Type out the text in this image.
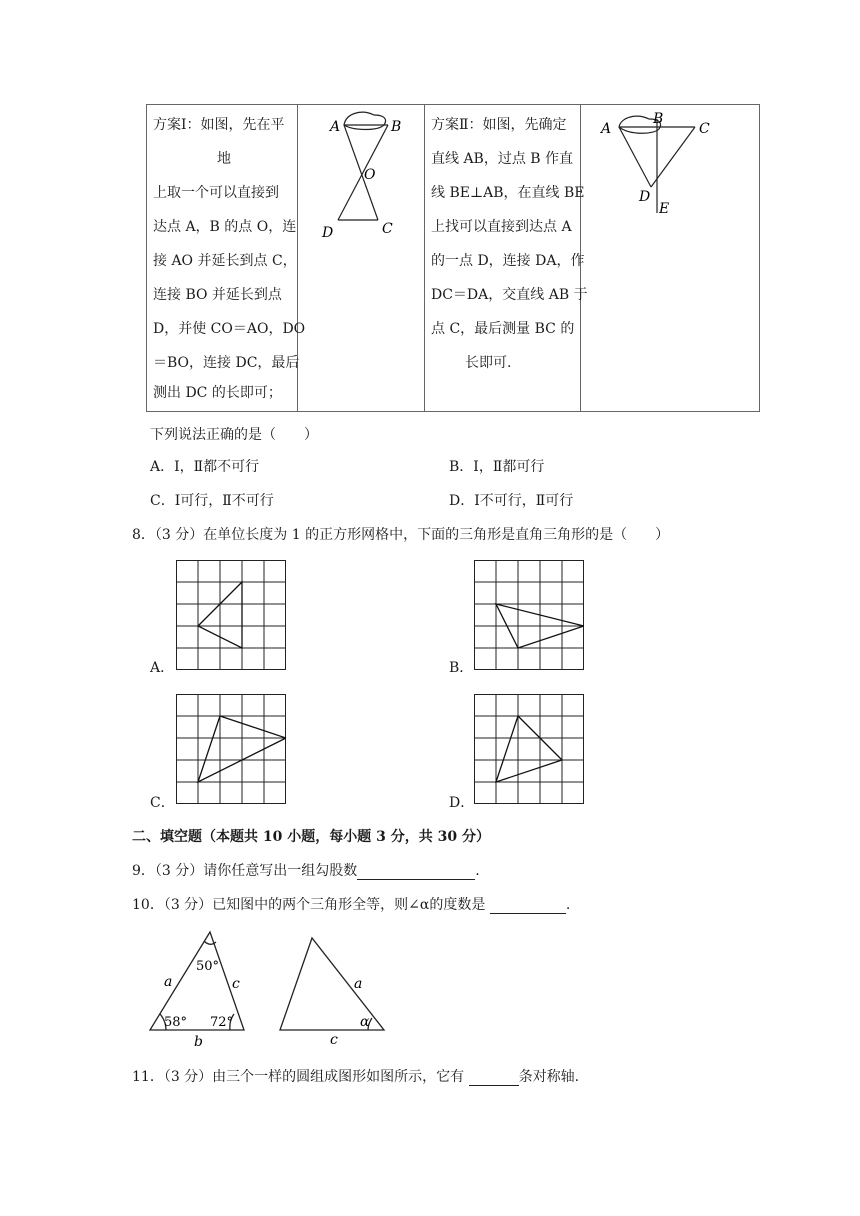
方案Ⅰ：如图，先在平
地
上取一个可以直接到
达点 A，B 的点 O，连
接 AO 并延长到点 C，
连接 BO 并延长到点
D，并使 CO＝AO，DO
＝BO，连接 DC，最后
测出 DC 的长即可；

A	B
O
C
D

方案Ⅱ：如图，先确定
直线 AB，过点 B 作直
线 BE⊥AB，在直线 BE
上找可以直接到达点 A
的一点 D，连接 DA，作
DC＝DA，交直线 AB 于
点 C，最后测量 BC 的
长即可.

A
B
C
D
E
下列说法正确的是（　　）
A．Ⅰ，Ⅱ都不可行	B．Ⅰ，Ⅱ都可行
C．Ⅰ可行，Ⅱ不可行	D．Ⅰ不可行，Ⅱ可行
8．（3 分）在单位长度为 1 的正方形网格中，下面的三角形是直角三角形的是（　　）
A．	B．
C．	D．
二、填空题（本题共 10 小题，每小题 3 分，共 30 分）
9．（3 分）请你任意写出一组勾股数	.
10．（3 分）已知图中的两个三角形全等，则∠α的度数是	.
50°
58° 72°
a	c
b
a
c
α
11．（3 分）由三个一样的圆组成图形如图所示，它有	条对称轴.
